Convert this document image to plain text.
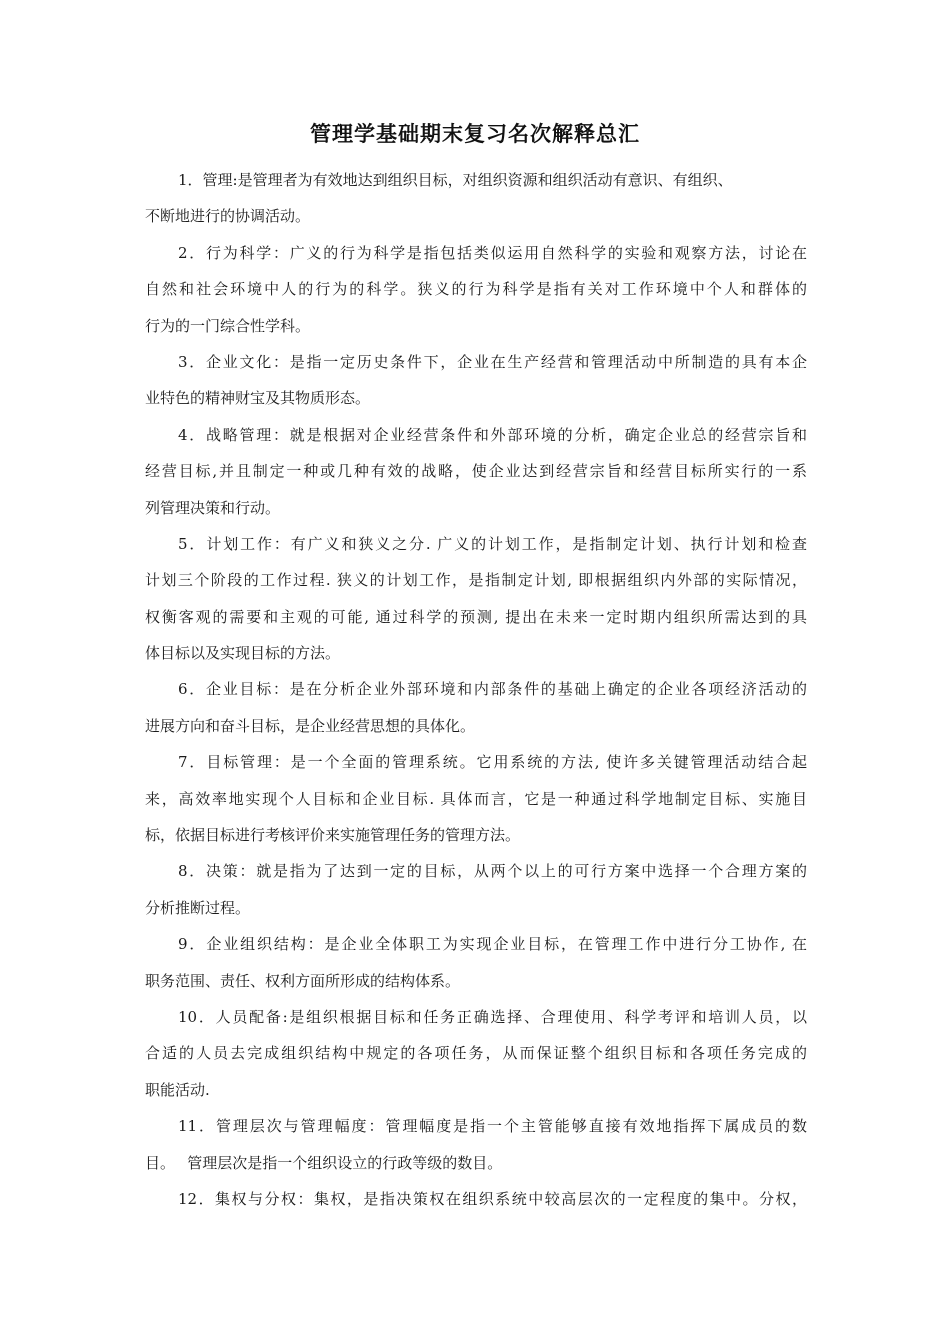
管理学基础期末复习名次解释总汇
1．管理:是管理者为有效地达到组织目标，对组织资源和组织活动有意识、有组织、
不断地进行的协调活动。
2．行为科学：广义的行为科学是指包括类似运用自然科学的实验和观察方法，讨论在
自然和社会环境中人的行为的科学。狭义的行为科学是指有关对工作环境中个人和群体的
行为的一门综合性学科。
3．企业文化：是指一定历史条件下，企业在生产经营和管理活动中所制造的具有本企
业特色的精神财宝及其物质形态。
4．战略管理：就是根据对企业经营条件和外部环境的分析，确定企业总的经营宗旨和
经营目标,并且制定一种或几种有效的战略，使企业达到经营宗旨和经营目标所实行的一系
列管理决策和行动。
5．计划工作：有广义和狭义之分. 广义的计划工作，是指制定计划、执行计划和检查
计划三个阶段的工作过程. 狭义的计划工作，是指制定计划, 即根据组织内外部的实际情况，
权衡客观的需要和主观的可能, 通过科学的预测, 提出在未来一定时期内组织所需达到的具
体目标以及实现目标的方法。
6．企业目标：是在分析企业外部环境和内部条件的基础上确定的企业各项经济活动的
进展方向和奋斗目标，是企业经营思想的具体化。
7．目标管理：是一个全面的管理系统。它用系统的方法, 使许多关键管理活动结合起
来，高效率地实现个人目标和企业目标. 具体而言，它是一种通过科学地制定目标、实施目
标，依据目标进行考核评价来实施管理任务的管理方法。
8．决策：就是指为了达到一定的目标，从两个以上的可行方案中选择一个合理方案的
分析推断过程。
9．企业组织结构：是企业全体职工为实现企业目标，在管理工作中进行分工协作, 在
职务范围、责任、权利方面所形成的结构体系。
10．人员配备:是组织根据目标和任务正确选择、合理使用、科学考评和培训人员，以
合适的人员去完成组织结构中规定的各项任务，从而保证整个组织目标和各项任务完成的
职能活动.
11．管理层次与管理幅度：管理幅度是指一个主管能够直接有效地指挥下属成员的数
目。　 管理层次是指一个组织设立的行政等级的数目。
12．集权与分权：集权，是指决策权在组织系统中较高层次的一定程度的集中。分权，
